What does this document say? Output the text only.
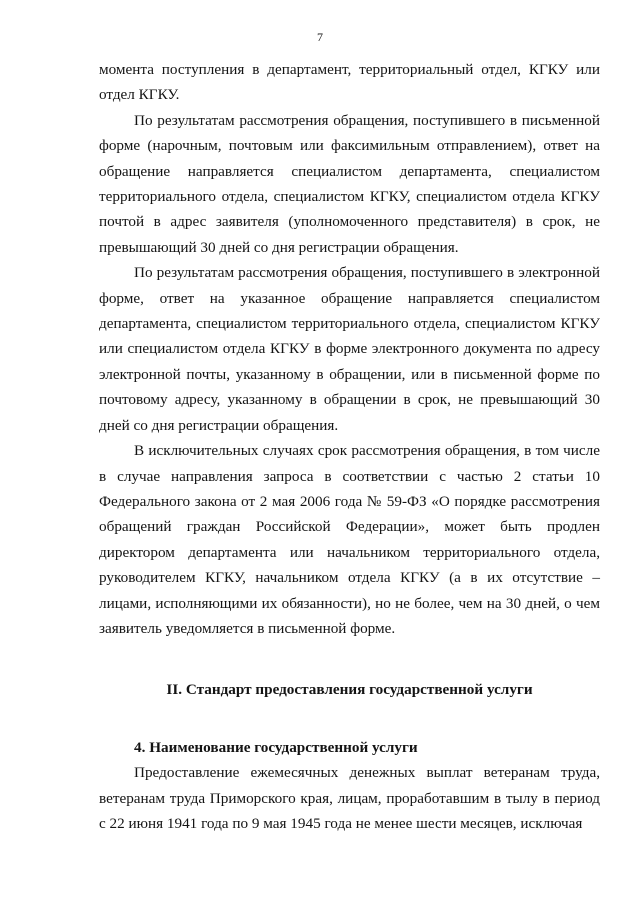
7

момента поступления в департамент, территориальный отдел, КГКУ или отдел КГКУ.

По результатам рассмотрения обращения, поступившего в письменной форме (нарочным, почтовым или факсимильным отправлением), ответ на обращение направляется специалистом департамента, специалистом территориального отдела, специалистом КГКУ, специалистом отдела КГКУ почтой в адрес заявителя (уполномоченного представителя) в срок, не превышающий 30 дней со дня регистрации обращения.

По результатам рассмотрения обращения, поступившего в электронной форме, ответ на указанное обращение направляется специалистом департамента, специалистом территориального отдела, специалистом КГКУ или специалистом отдела КГКУ в форме электронного документа по адресу электронной почты, указанному в обращении, или в письменной форме по почтовому адресу, указанному в обращении в срок, не превышающий 30 дней со дня регистрации обращения.

В исключительных случаях срок рассмотрения обращения, в том числе в случае направления запроса в соответствии с частью 2 статьи 10 Федерального закона от 2 мая 2006 года № 59-ФЗ «О порядке рассмотрения обращений граждан Российской Федерации», может быть продлен директором департамента или начальником территориального отдела, руководителем КГКУ, начальником отдела КГКУ (а в их отсутствие – лицами, исполняющими их обязанности), но не более, чем на 30 дней, о чем заявитель уведомляется в письменной форме.

II. Стандарт предоставления государственной услуги

4. Наименование государственной услуги

Предоставление ежемесячных денежных выплат ветеранам труда, ветеранам труда Приморского края, лицам, проработавшим в тылу в период с 22 июня 1941 года по 9 мая 1945 года не менее шести месяцев, исключая
